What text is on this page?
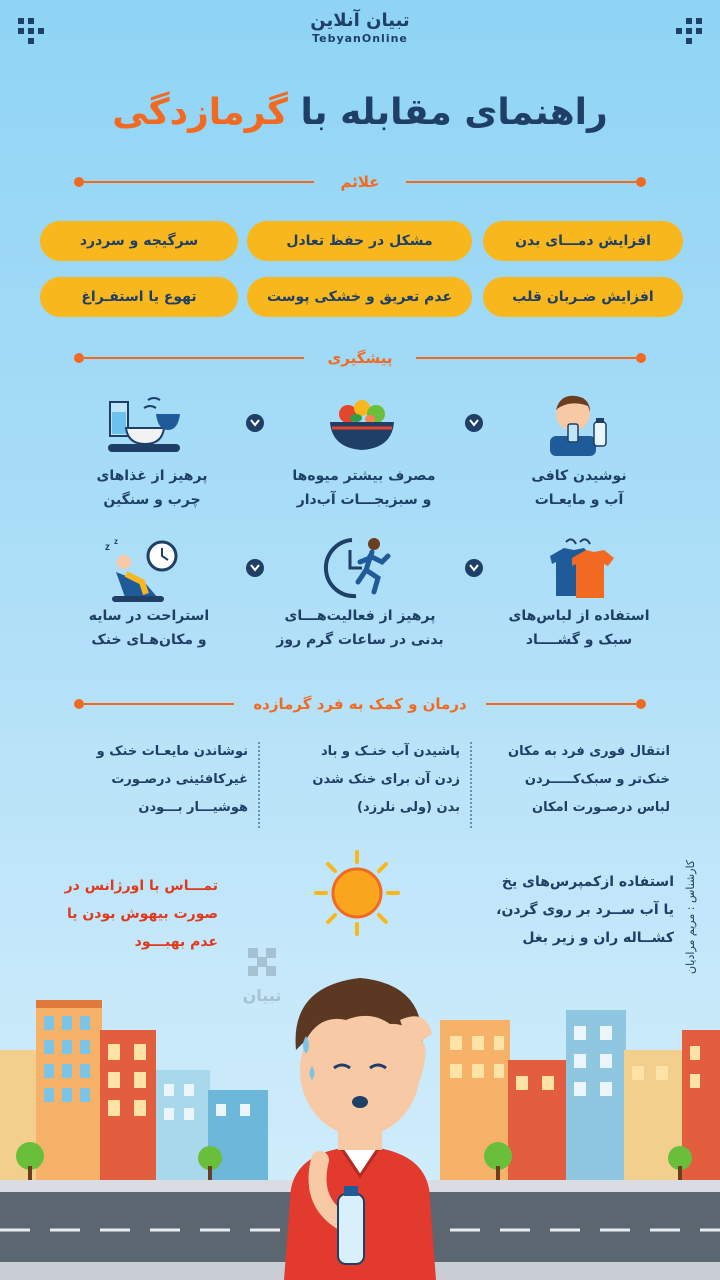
تبیان آنلاین
TebyanOnline
راهنمای مقابله با گرمازدگی
علائم
افزایش دمـــای بدن
مشکل در حفظ تعادل
سرگیجه و سردرد
افزایش ضـربان قلب
عدم تعریق و خشکی پوست
تهوع یا استفـراغ
پیشگیری
نوشیدن کافی
آب و مایعـات
مصرف بیشتر میوه‌ها
و سبزیجـــات آب‌دار
پرهیز از غذاهای
چرب و سنگین
z
z
استفاده از لباس‌های
سبک و گشــــاد
پرهیز از فعالیت‌هـــای
بدنی در ساعات گرم روز
استراحت در سایه
و مکان‌هـای خنک
درمان و کمک به فرد گرمازده
انتقال فوری فرد به مکان
خنک‌تر و سبک‌کـــــردن
لباس درصـورت امکان
پاشیدن آب خنـک و باد
زدن آن برای خنک شدن
بدن (ولی نلرزد)
نوشاندن مایعـات خنک و
غیرکافئینی درصـورت
هوشیـــار بـــودن
استفاده ازکمپرس‌های یخ
یا آب ســرد بر روی گردن،
کشــاله ران و زیر بغل
تمـــاس با اورژانس در
صورت بیهوش بودن یا
عدم بهبـــود	کارشناس : مریم مرادیان
تبیان
